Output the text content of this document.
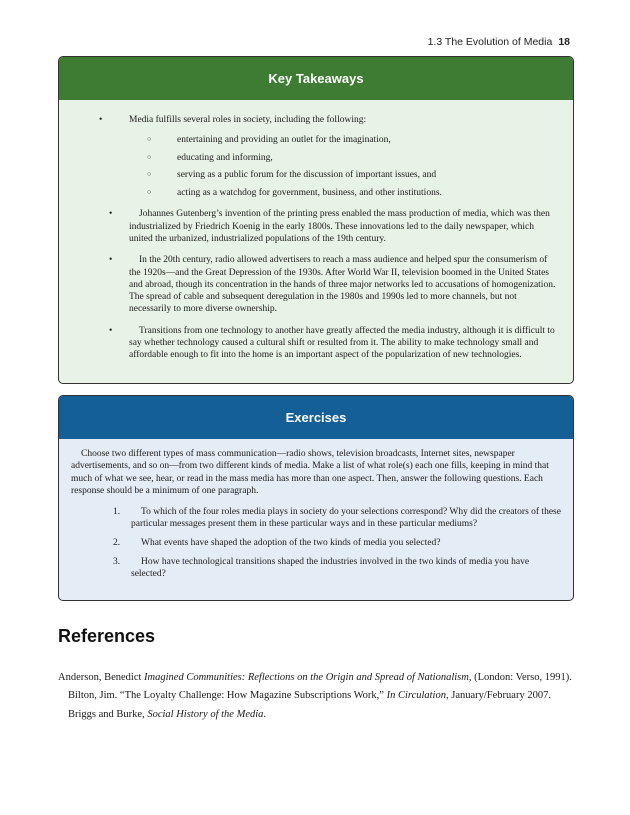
1.3 The Evolution of Media 18
Key Takeaways
• Media fulfills several roles in society, including the following:
○ entertaining and providing an outlet for the imagination,
○ educating and informing,
○ serving as a public forum for the discussion of important issues, and
○ acting as a watchdog for government, business, and other institutions.
• Johannes Gutenberg’s invention of the printing press enabled the mass production of media, which was then industrialized by Friedrich Koenig in the early 1800s. These innovations led to the daily newspaper, which united the urbanized, industrialized populations of the 19th century.
• In the 20th century, radio allowed advertisers to reach a mass audience and helped spur the consumerism of the 1920s—and the Great Depression of the 1930s. After World War II, television boomed in the United States and abroad, though its concentration in the hands of three major networks led to accusations of homogenization. The spread of cable and subsequent deregulation in the 1980s and 1990s led to more channels, but not necessarily to more diverse ownership.
• Transitions from one technology to another have greatly affected the media industry, although it is difficult to say whether technology caused a cultural shift or resulted from it. The ability to make technology small and affordable enough to fit into the home is an important aspect of the popularization of new technologies.
Exercises

Choose two different types of mass communication—radio shows, television broadcasts, Internet sites, newspaper advertisements, and so on—from two different kinds of media. Make a list of what role(s) each one fills, keeping in mind that much of what we see, hear, or read in the mass media has more than one aspect. Then, answer the following questions. Each response should be a minimum of one paragraph.

1.	To which of the four roles media plays in society do your selections correspond? Why did the creators of these particular messages present them in these particular ways and in these particular mediums?
2.	What events have shaped the adoption of the two kinds of media you selected?
3.	How have technological transitions shaped the industries involved in the two kinds of media you have selected?
References

Anderson, Benedict Imagined Communities: Reflections on the Origin and Spread of Nationalism, (London: Verso, 1991).

Bilton, Jim. “The Loyalty Challenge: How Magazine Subscriptions Work,” In Circulation, January/February 2007.

Briggs and Burke, Social History of the Media.
